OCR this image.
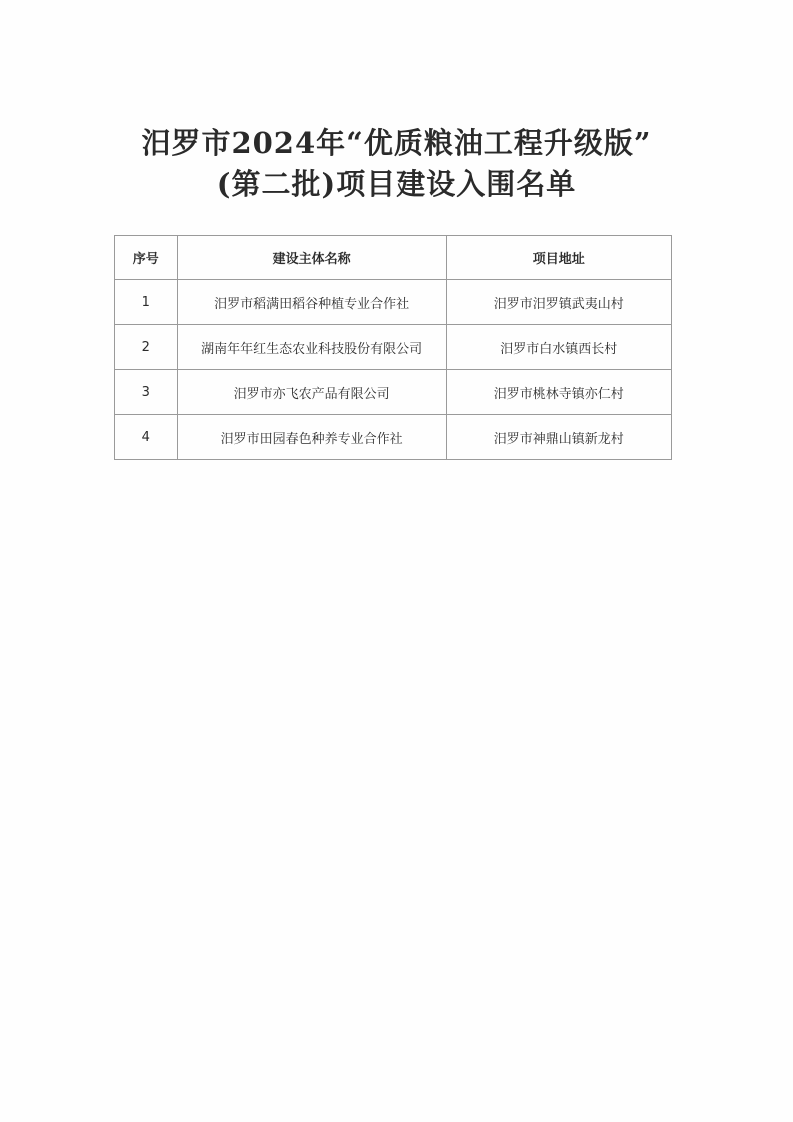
汨罗市2024年“优质粮油工程升级版”
(第二批)项目建设入围名单
序号	建设主体名称	项目地址
1	汨罗市稻满田稻谷种植专业合作社	汨罗市汨罗镇武夷山村
2	湖南年年红生态农业科技股份有限公司	汨罗市白水镇西长村
3	汨罗市亦飞农产品有限公司	汨罗市桃林寺镇亦仁村
4	汨罗市田园春色种养专业合作社	汨罗市神鼎山镇新龙村
